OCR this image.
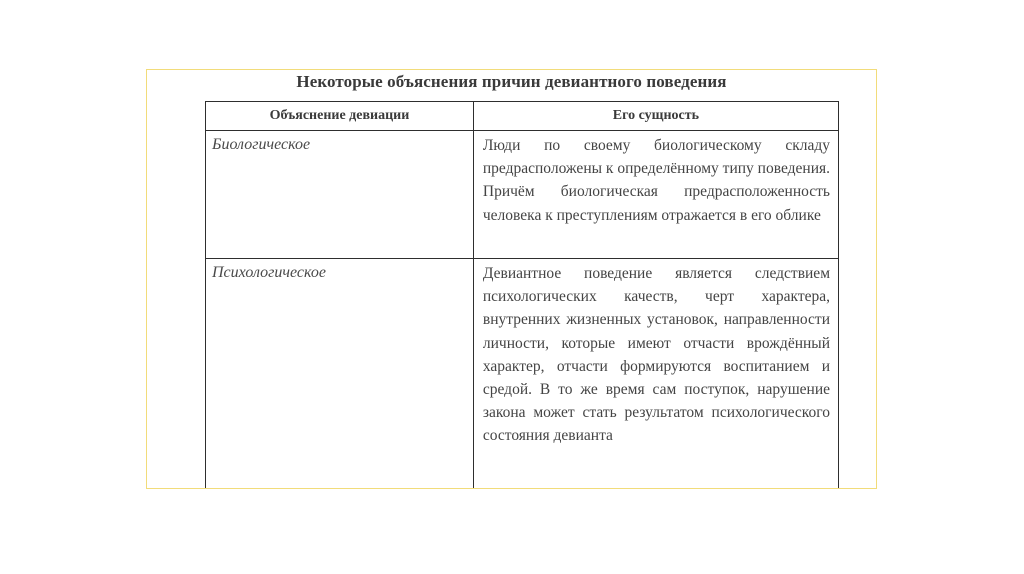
Некоторые объяснения причин девиантного поведения
Объяснение девиации	Его сущность
Биологическое	Люди по своему биологическому складу предрасположены к определённому типу поведения. Причём биологическая предрасположенность человека к преступлениям отражается в его облике
Психологическое	Девиантное поведение является следствием психологических качеств, черт характера, внутренних жизненных установок, направленности личности, которые имеют отчасти врождённый характер, отчасти формируются воспитанием и средой. В то же время сам поступок, нарушение закона может стать результатом психологического состояния девианта
